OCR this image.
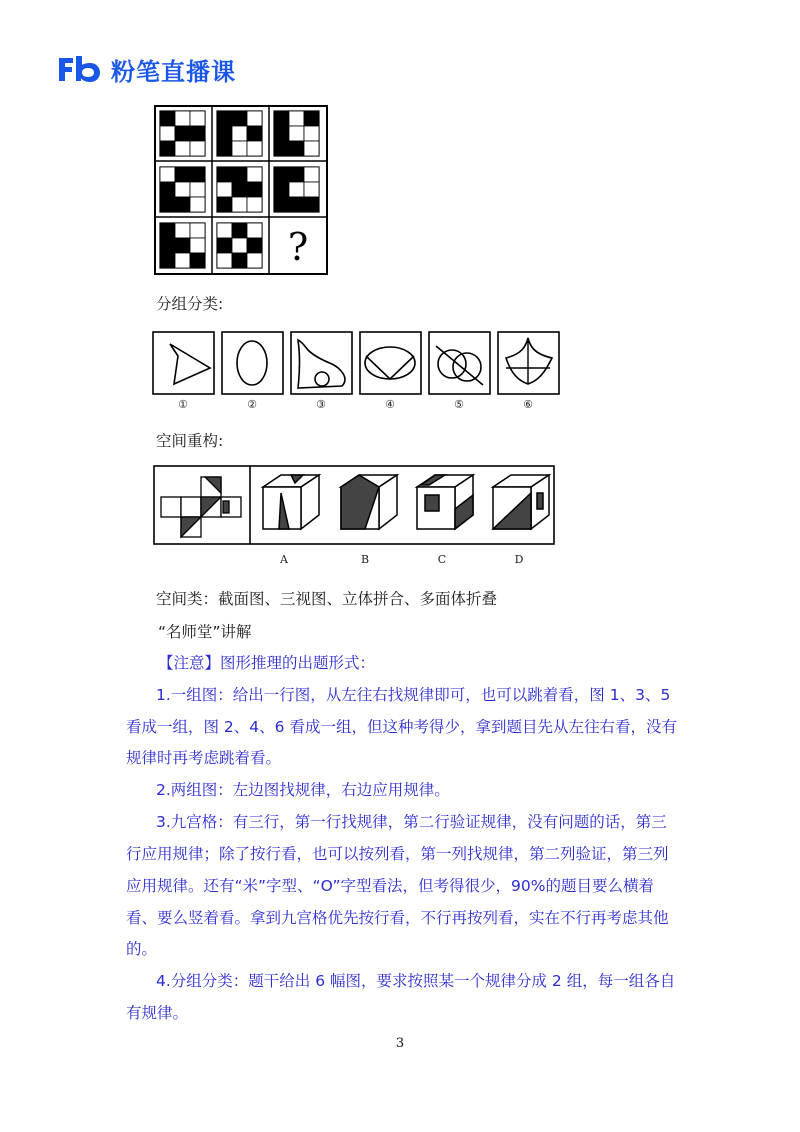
粉笔直播课
?
分组分类:
①	②	③	④	⑤	⑥
空间重构:
A	B	C	D
空间类：截面图、三视图、立体拼合、多面体折叠
“名师堂”讲解
【注意】图形推理的出题形式：
1.一组图：给出一行图，从左往右找规律即可，也可以跳着看，图 1、3、5
看成一组，图 2、4、6 看成一组，但这种考得少，拿到题目先从左往右看，没有
规律时再考虑跳着看。
2.两组图：左边图找规律，右边应用规律。
3.九宫格：有三行，第一行找规律，第二行验证规律，没有问题的话，第三
行应用规律；除了按行看，也可以按列看，第一列找规律，第二列验证，第三列
应用规律。还有“米”字型、“O”字型看法，但考得很少，90%的题目要么横着
看、要么竖着看。拿到九宫格优先按行看，不行再按列看，实在不行再考虑其他
的。
4.分组分类：题干给出 6 幅图，要求按照某一个规律分成 2 组，每一组各自
有规律。
3
